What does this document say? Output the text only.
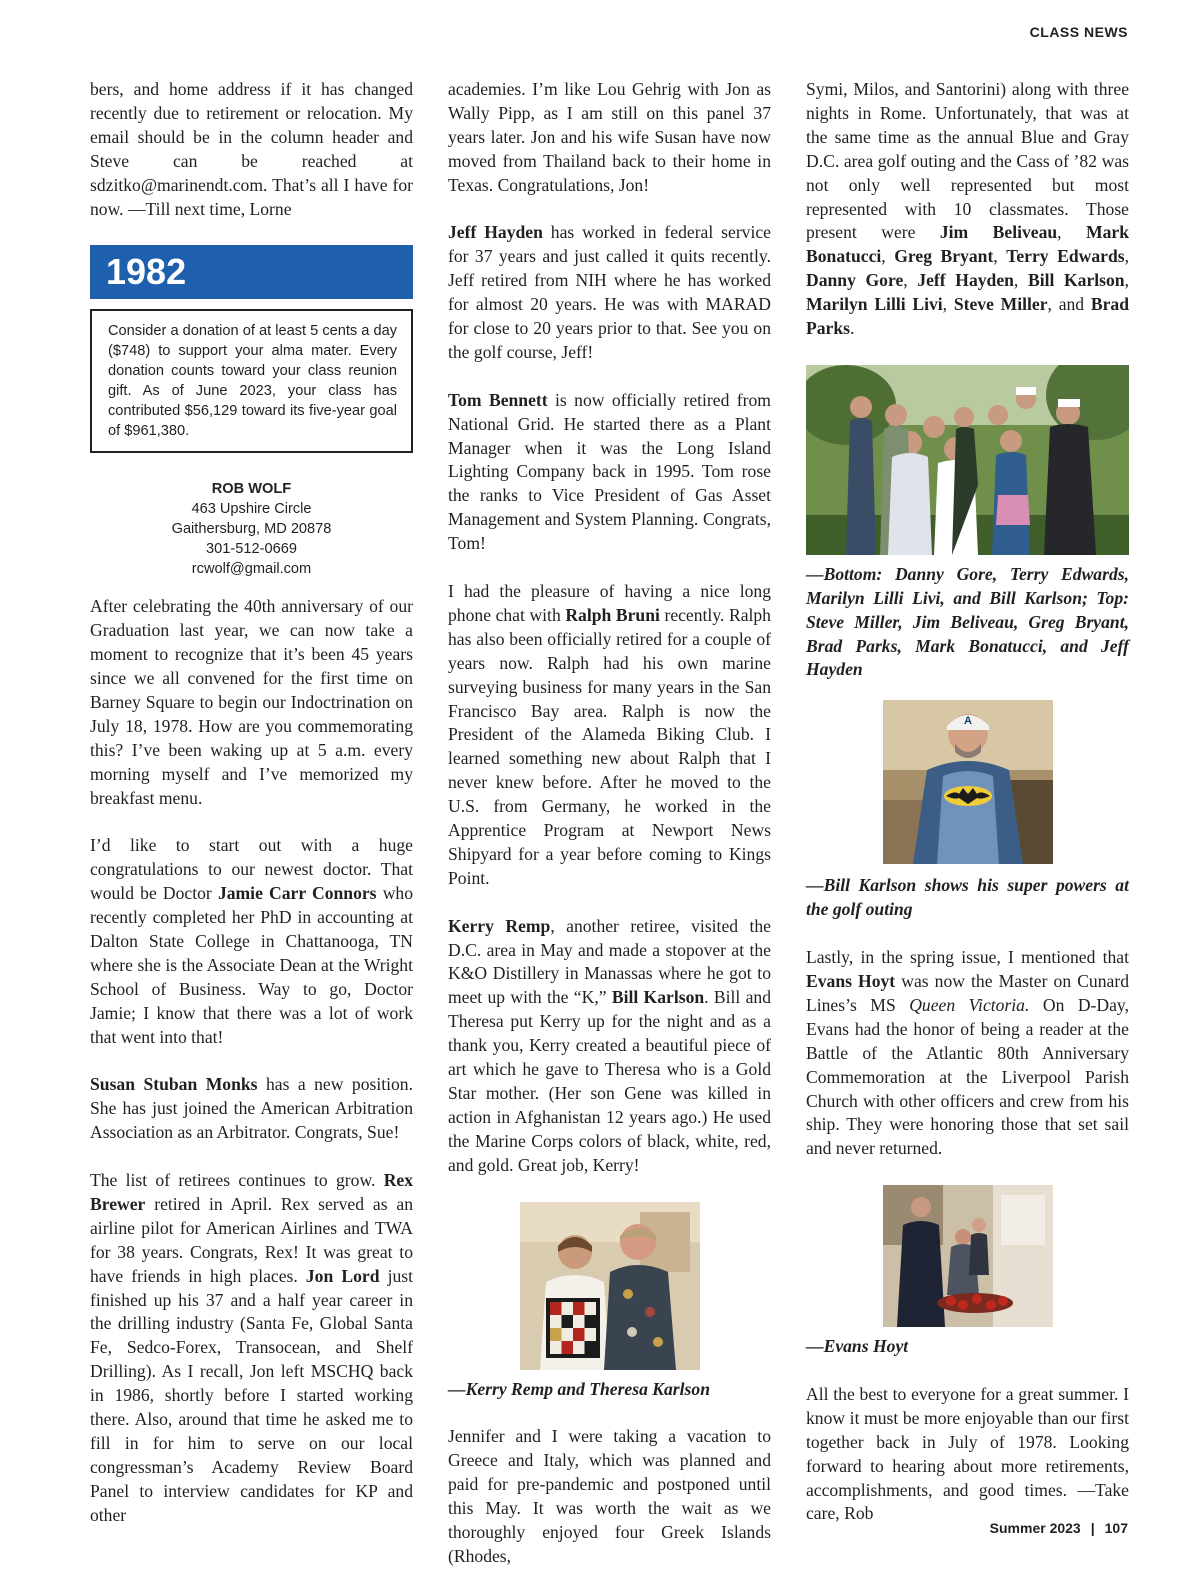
CLASS NEWS

bers, and home address if it has changed recently due to retirement or relocation. My email should be in the column header and Steve can be reached at sdzitko@marinendt.com. That’s all I have for now. —Till next time, Lorne

1982
Consider a donation of at least 5 cents a day ($748) to support your alma mater. Every donation counts toward your class reunion gift. As of June 2023, your class has contributed $56,129 toward its five-year goal of $961,380.
ROB WOLF
463 Upshire Circle
Gaithersburg, MD 20878
301-512-0669
rcwolf@gmail.com

After celebrating the 40th anniversary of our Graduation last year, we can now take a moment to recognize that it’s been 45 years since we all convened for the first time on Barney Square to begin our Indoctrination on July 18, 1978. How are you commemorating this? I’ve been waking up at 5 a.m. every morning myself and I’ve memorized my breakfast menu.

I’d like to start out with a huge congratulations to our newest doctor. That would be Doctor Jamie Carr Connors who recently completed her PhD in accounting at Dalton State College in Chattanooga, TN where she is the Associate Dean at the Wright School of Business. Way to go, Doctor Jamie; I know that there was a lot of work that went into that!

Susan Stuban Monks has a new position. She has just joined the American Arbitration Association as an Arbitrator. Congrats, Sue!

The list of retirees continues to grow. Rex Brewer retired in April. Rex served as an airline pilot for American Airlines and TWA for 38 years. Congrats, Rex! It was great to have friends in high places. Jon Lord just finished up his 37 and a half year career in the drilling industry (Santa Fe, Global Santa Fe, Sedco-Forex, Transocean, and Shelf Drilling). As I recall, Jon left MSCHQ back in 1986, shortly before I started working there. Also, around that time he asked me to fill in for him to serve on our local congressman’s Academy Review Board Panel to interview candidates for KP and other

academies. I’m like Lou Gehrig with Jon as Wally Pipp, as I am still on this panel 37 years later. Jon and his wife Susan have now moved from Thailand back to their home in Texas. Congratulations, Jon!

Jeff Hayden has worked in federal service for 37 years and just called it quits recently. Jeff retired from NIH where he has worked for almost 20 years. He was with MARAD for close to 20 years prior to that. See you on the golf course, Jeff!

Tom Bennett is now officially retired from National Grid. He started there as a Plant Manager when it was the Long Island Lighting Company back in 1995. Tom rose the ranks to Vice President of Gas Asset Management and System Planning. Congrats, Tom!

I had the pleasure of having a nice long phone chat with Ralph Bruni recently. Ralph has also been officially retired for a couple of years now. Ralph had his own marine surveying business for many years in the San Francisco Bay area. Ralph is now the President of the Alameda Biking Club. I learned something new about Ralph that I never knew before. After he moved to the U.S. from Germany, he worked in the Apprentice Program at Newport News Shipyard for a year before coming to Kings Point.

Kerry Remp, another retiree, visited the D.C. area in May and made a stopover at the K&O Distillery in Manassas where he got to meet up with the “K,” Bill Karlson. Bill and Theresa put Kerry up for the night and as a thank you, Kerry created a beautiful piece of art which he gave to Theresa who is a Gold Star mother. (Her son Gene was killed in action in Afghanistan 12 years ago.) He used the Marine Corps colors of black, white, red, and gold. Great job, Kerry!

—Kerry Remp and Theresa Karlson

Jennifer and I were taking a vacation to Greece and Italy, which was planned and paid for pre-pandemic and postponed until this May. It was worth the wait as we thoroughly enjoyed four Greek Islands (Rhodes,

Symi, Milos, and Santorini) along with three nights in Rome. Unfortunately, that was at the same time as the annual Blue and Gray D.C. area golf outing and the Cass of ’82 was not only well represented but most represented with 10 classmates. Those present were Jim Beliveau, Mark Bonatucci, Greg Bryant, Terry Edwards, Danny Gore, Jeff Hayden, Bill Karlson, Marilyn Lilli Livi, Steve Miller, and Brad Parks.

—Bottom: Danny Gore, Terry Edwards, Marilyn Lilli Livi, and Bill Karlson; Top: Steve Miller, Jim Beliveau, Greg Bryant, Brad Parks, Mark Bonatucci, and Jeff Hayden

A

—Bill Karlson shows his super powers at the golf outing

Lastly, in the spring issue, I mentioned that Evans Hoyt was now the Master on Cunard Lines’s MS Queen Victoria. On D-Day, Evans had the honor of being a reader at the Battle of the Atlantic 80th Anniversary Commemoration at the Liverpool Parish Church with other officers and crew from his ship. They were honoring those that set sail and never returned.

—Evans Hoyt

All the best to everyone for a great summer. I know it must be more enjoyable than our first together back in July of 1978. Looking forward to hearing about more retirements, accomplishments, and good times. —Take care, Rob

Summer 2023 | 107
